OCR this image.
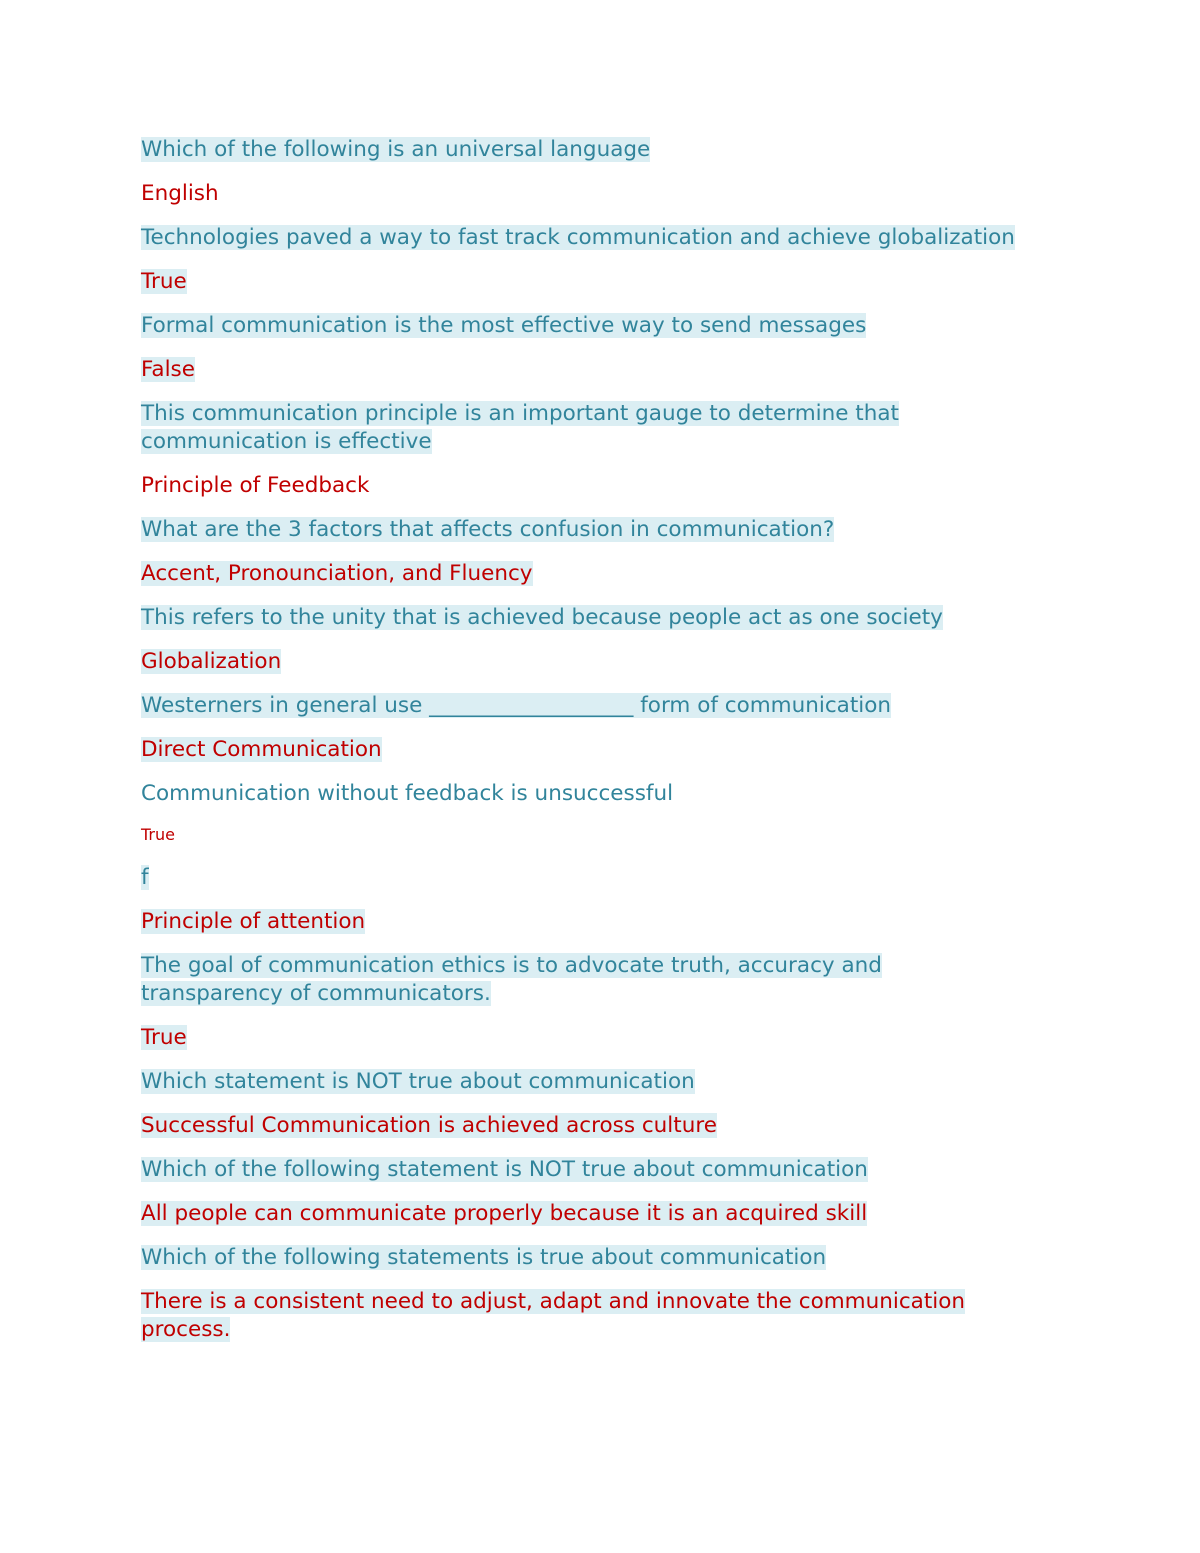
Which of the following is an universal language

English

Technologies paved a way to fast track communication and achieve globalization

True

Formal communication is the most effective way to send messages

False

This communication principle is an important gauge to determine that communication is effective

Principle of Feedback

What are the 3 factors that affects confusion in communication?

Accent, Pronounciation, and Fluency

This refers to the unity that is achieved because people act as one society

Globalization

Westerners in general use ___________________ form of communication

Direct Communication

Communication without feedback is unsuccessful

True

f

Principle of attention

The goal of communication ethics is to advocate truth, accuracy and transparency of communicators.

True

Which statement is NOT true about communication

Successful Communication is achieved across culture

Which of the following statement is NOT true about communication

All people can communicate properly because it is an acquired skill

Which of the following statements is true about communication

There is a consistent need to adjust, adapt and innovate the communication process.
